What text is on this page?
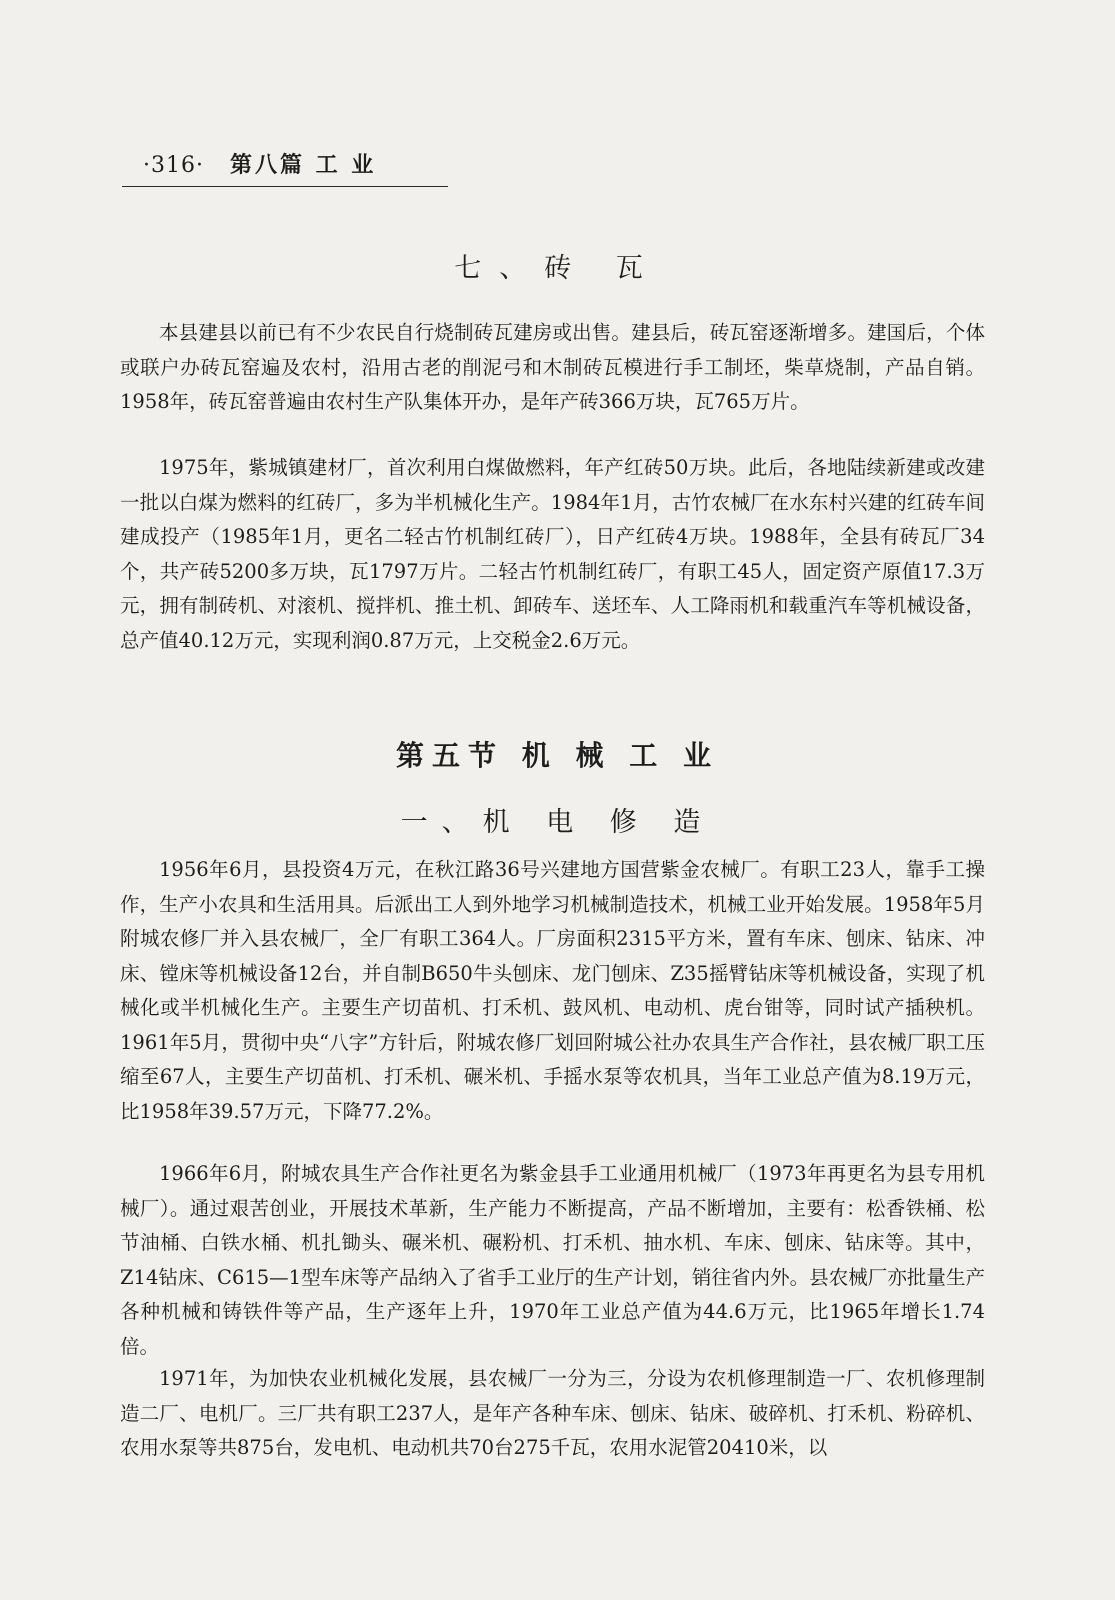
·316· 第八篇 工 业
七、砖 瓦

本县建县以前已有不少农民自行烧制砖瓦建房或出售。建县后，砖瓦窑逐渐增多。建国后，个体或联户办砖瓦窑遍及农村，沿用古老的削泥弓和木制砖瓦模进行手工制坯，柴草烧制，产品自销。1958年，砖瓦窑普遍由农村生产队集体开办，是年产砖366万块，瓦765万片。

1975年，紫城镇建材厂，首次利用白煤做燃料，年产红砖50万块。此后，各地陆续新建或改建一批以白煤为燃料的红砖厂，多为半机械化生产。1984年1月，古竹农械厂在水东村兴建的红砖车间建成投产（1985年1月，更名二轻古竹机制红砖厂），日产红砖4万块。1988年，全县有砖瓦厂34个，共产砖5200多万块，瓦1797万片。二轻古竹机制红砖厂，有职工45人，固定资产原值17.3万元，拥有制砖机、对滚机、搅拌机、推土机、卸砖车、送坯车、人工降雨机和载重汽车等机械设备，总产值40.12万元，实现利润0.87万元，上交税金2.6万元。

第五节 机 械 工 业
一、机 电 修 造

1956年6月，县投资4万元，在秋江路36号兴建地方国营紫金农械厂。有职工23人，靠手工操作，生产小农具和生活用具。后派出工人到外地学习机械制造技术，机械工业开始发展。1958年5月附城农修厂并入县农械厂，全厂有职工364人。厂房面积2315平方米，置有车床、刨床、钻床、冲床、镗床等机械设备12台，并自制B650牛头刨床、龙门刨床、Z35摇臂钻床等机械设备，实现了机械化或半机械化生产。主要生产切苗机、打禾机、鼓风机、电动机、虎台钳等，同时试产插秧机。1961年5月，贯彻中央“八字”方针后，附城农修厂划回附城公社办农具生产合作社，县农械厂职工压缩至67人，主要生产切苗机、打禾机、碾米机、手摇水泵等农机具，当年工业总产值为8.19万元，比1958年39.57万元，下降77.2%。

1966年6月，附城农具生产合作社更名为紫金县手工业通用机械厂（1973年再更名为县专用机械厂）。通过艰苦创业，开展技术革新，生产能力不断提高，产品不断增加，主要有：松香铁桶、松节油桶、白铁水桶、机扎锄头、碾米机、碾粉机、打禾机、抽水机、车床、刨床、钻床等。其中，Z14钻床、C615—1型车床等产品纳入了省手工业厅的生产计划，销往省内外。县农械厂亦批量生产各种机械和铸铁件等产品，生产逐年上升，1970年工业总产值为44.6万元，比1965年增长1.74倍。

1971年，为加快农业机械化发展，县农械厂一分为三，分设为农机修理制造一厂、农机修理制造二厂、电机厂。三厂共有职工237人，是年产各种车床、刨床、钻床、破碎机、打禾机、粉碎机、农用水泵等共875台，发电机、电动机共70台275千瓦，农用水泥管20410米，以
